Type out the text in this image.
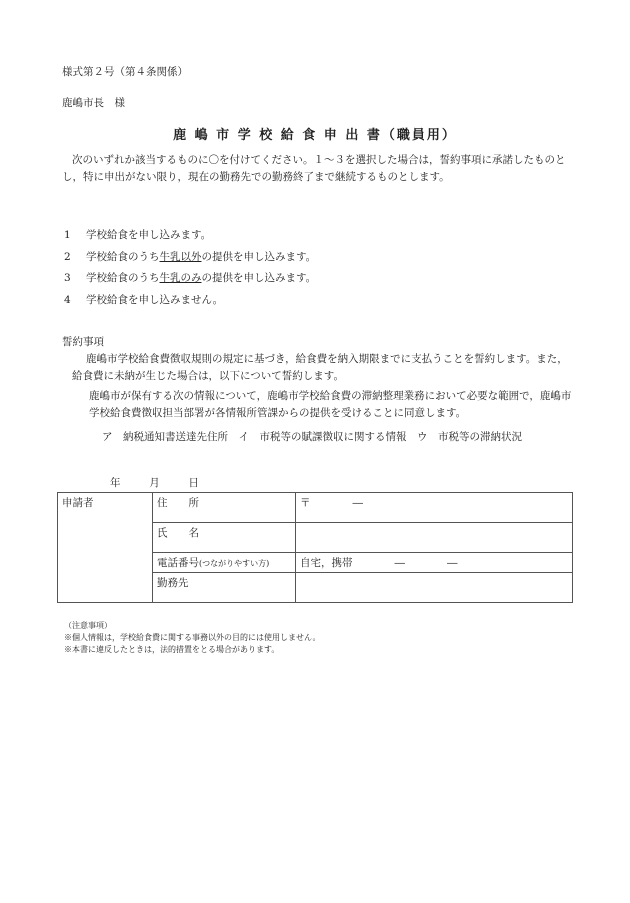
様式第２号（第４条関係）
鹿嶋市長　様
鹿 嶋 市 学 校 給 食 申 出 書（職員用）
次のいずれか該当するものに〇を付けてください。１～３を選択した場合は，誓約事項に承諾したものとし，特に申出がない限り，現在の勤務先での勤務終了まで継続するものとします。
1 学校給食を申し込みます。
2 学校給食のうち牛乳以外の提供を申し込みます。
3 学校給食のうち牛乳のみの提供を申し込みます。
4 学校給食を申し込みません。
誓約事項
鹿嶋市学校給食費徴収規則の規定に基づき，給食費を納入期限までに支払うことを誓約します。また，給食費に未納が生じた場合は，以下について誓約します。
鹿嶋市が保有する次の情報について，鹿嶋市学校給食費の滞納整理業務において必要な範囲で，鹿嶋市学校給食費徴収担当部署が各情報所管課からの提供を受けることに同意します。
ア　納税通知書送達先住所　イ　市税等の賦課徴収に関する情報　ウ　市税等の滞納状況
年	月	日
申請者	住　　所	〒　　　　―
	氏　　名	
	電話番号(つながりやすい方)	自宅，携帯　　　　―　　　　―
	勤務先	
（注意事項）
※個人情報は，学校給食費に関する事務以外の目的には使用しません。
※本書に違反したときは，法的措置をとる場合があります。
